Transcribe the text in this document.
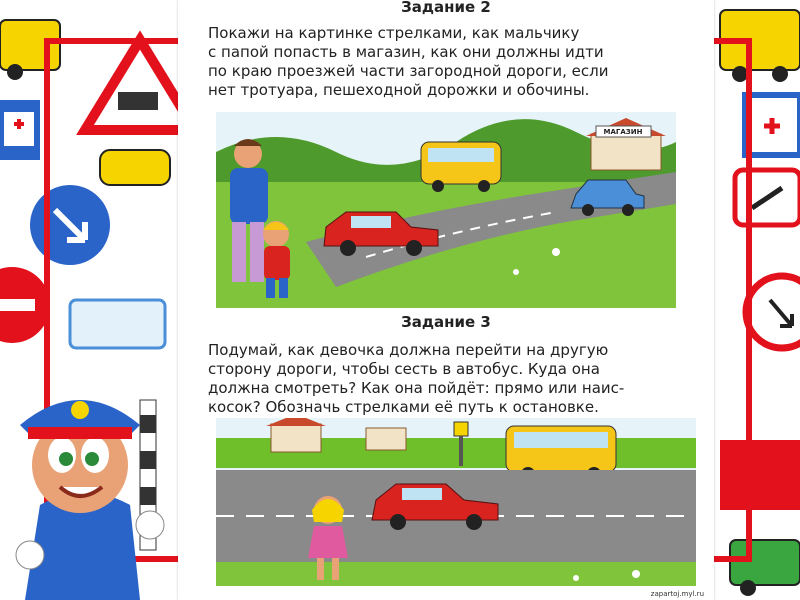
Задание 2
Покажи на картинке стрелками, как мальчику
с папой попасть в магазин, как они должны идти
по краю проезжей части загородной дороги, если
нет тротуара, пешеходной дорожки и обочины.
МАГАЗИН
Задание 3
Подумай, как девочка должна перейти на другую
сторону дороги, чтобы сесть в автобус. Куда она
должна смотреть? Как она пойдёт: прямо или наис-
косок? Обозначь стрелками её путь к остановке.
zapartoj.myl.ru
